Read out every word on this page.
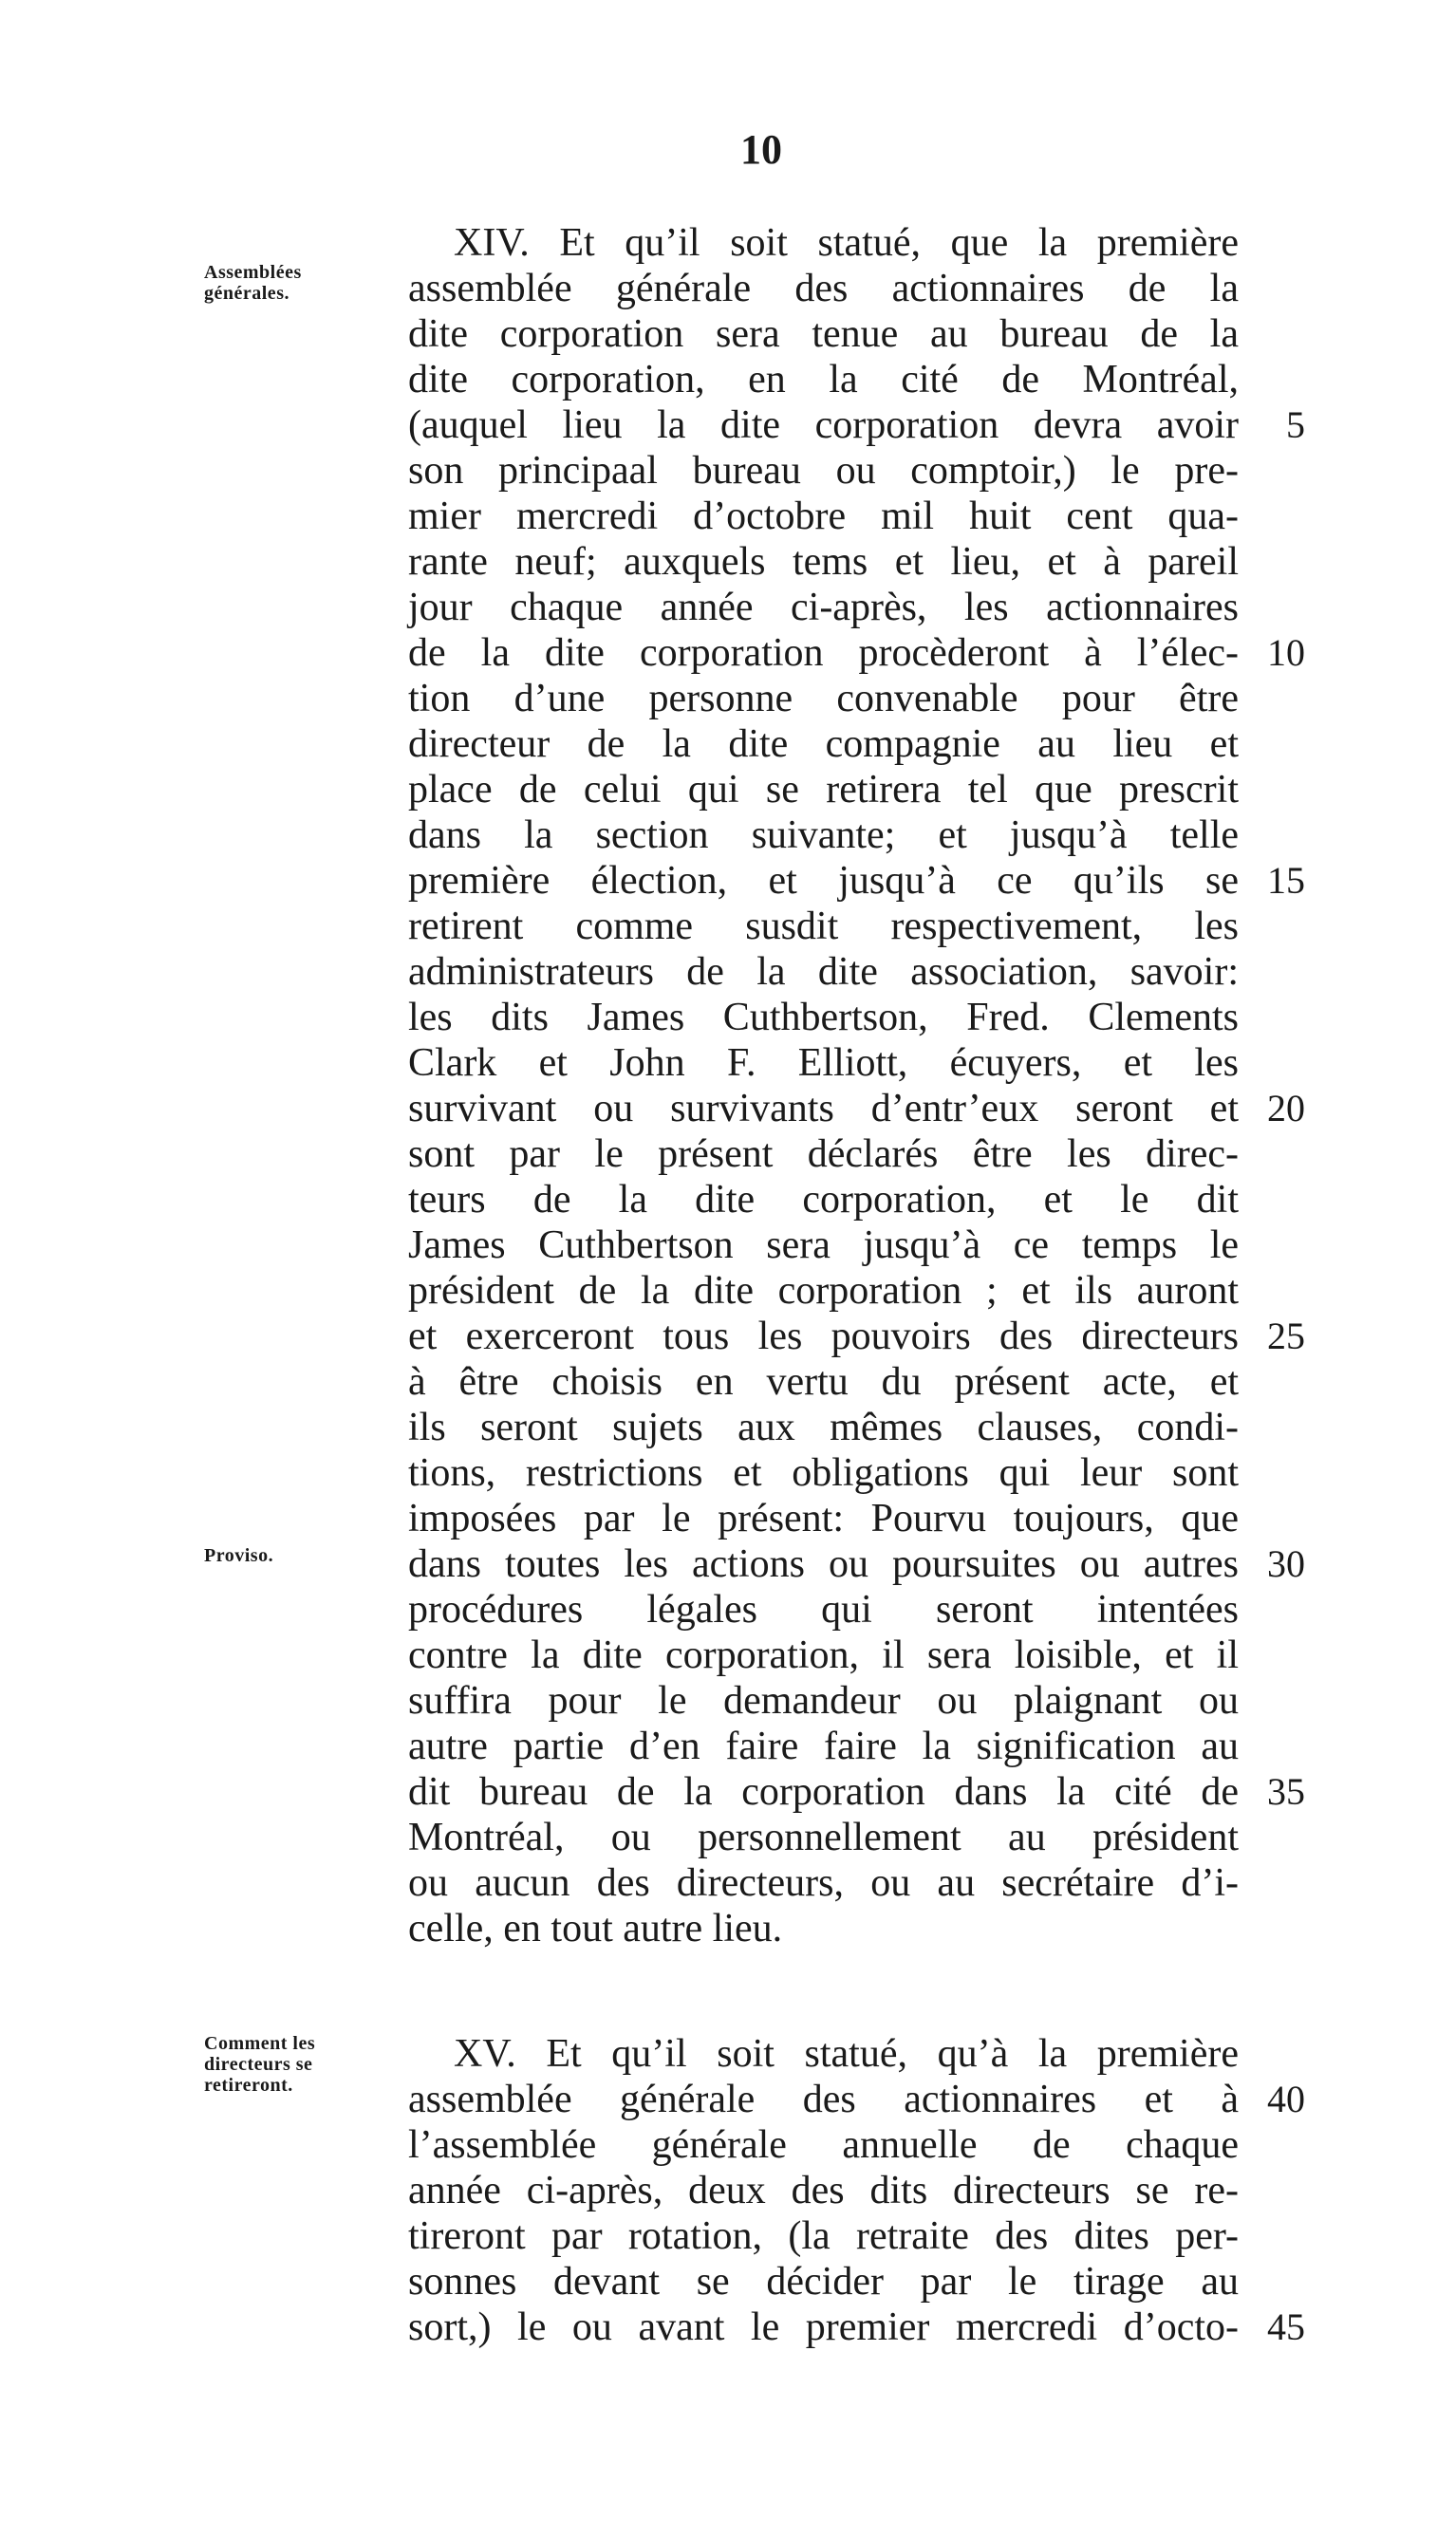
10
Assemblées
générales.
Proviso.
Comment les
directeurs se
retireront.
XIV. Et qu’il soit statué, que la première
assemblée générale des actionnaires de la
dite corporation sera tenue au bureau de la
dite corporation, en la cité de Montréal,
(auquel lieu la dite corporation devra avoir
son principaal bureau ou comptoir,) le pre-
mier mercredi d’octobre mil huit cent qua-
rante neuf; auxquels tems et lieu, et à pareil
jour chaque année ci-après, les actionnaires
de la dite corporation procèderont à l’élec-
tion d’une personne convenable pour être
directeur de la dite compagnie au lieu et
place de celui qui se retirera tel que prescrit
dans la section suivante; et jusqu’à telle
première élection, et jusqu’à ce qu’ils se
retirent comme susdit respectivement, les
administrateurs de la dite association, savoir:
les dits James Cuthbertson, Fred. Clements
Clark et John F. Elliott, écuyers, et les
survivant ou survivants d’entr’eux seront et
sont par le présent déclarés être les direc-
teurs de la dite corporation, et le dit
James Cuthbertson sera jusqu’à ce temps le
président de la dite corporation ; et ils auront
et exerceront tous les pouvoirs des directeurs
à être choisis en vertu du présent acte, et
ils seront sujets aux mêmes clauses, condi-
tions, restrictions et obligations qui leur sont
imposées par le présent: Pourvu toujours, que
dans toutes les actions ou poursuites ou autres
procédures légales qui seront intentées
contre la dite corporation, il sera loisible, et il
suffira pour le demandeur ou plaignant ou
autre partie d’en faire faire la signification au
dit bureau de la corporation dans la cité de
Montréal, ou personnellement au président
ou aucun des directeurs, ou au secrétaire d’i-
celle, en tout autre lieu.
XV. Et qu’il soit statué, qu’à la première
assemblée générale des actionnaires et à
l’assemblée générale annuelle de chaque
année ci-après, deux des dits directeurs se re-
tireront par rotation, (la retraite des dites per-
sonnes devant se décider par le tirage au
sort,) le ou avant le premier mercredi d’octo-
5
10
15
20
25
30
35
40
45
